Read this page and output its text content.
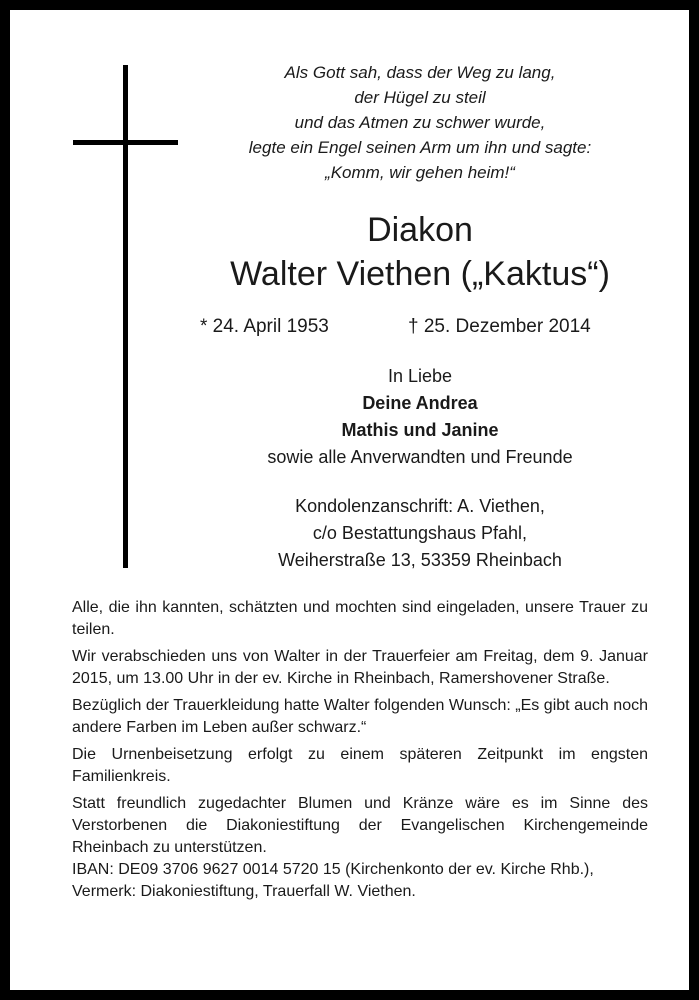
Als Gott sah, dass der Weg zu lang,
der Hügel zu steil
und das Atmen zu schwer wurde,
legte ein Engel seinen Arm um ihn und sagte:
„Komm, wir gehen heim!“
Diakon
Walter Viethen („Kaktus“)
* 24. April 1953	† 25. Dezember 2014
In Liebe
Deine Andrea
Mathis und Janine
sowie alle Anverwandten und Freunde
Kondolenzanschrift: A. Viethen,
c/o Bestattungshaus Pfahl,
Weiherstraße 13, 53359 Rheinbach

Alle, die ihn kannten, schätzten und mochten sind eingeladen, unsere Trauer zu teilen.

Wir verabschieden uns von Walter in der Trauerfeier am Freitag, dem 9. Januar 2015, um 13.00 Uhr in der ev. Kirche in Rheinbach, Ramershovener Straße.

Bezüglich der Trauerkleidung hatte Walter folgenden Wunsch: „Es gibt auch noch andere Farben im Leben außer schwarz.“

Die Urnenbeisetzung erfolgt zu einem späteren Zeitpunkt im engsten Familienkreis.

Statt freundlich zugedachter Blumen und Kränze wäre es im Sinne des Verstorbenen die Diakoniestiftung der Evangelischen Kirchengemeinde Rheinbach zu unterstützen.

IBAN: DE09 3706 9627 0014 5720 15 (Kirchenkonto der ev. Kirche Rhb.), Vermerk: Diakoniestiftung, Trauerfall W. Viethen.
